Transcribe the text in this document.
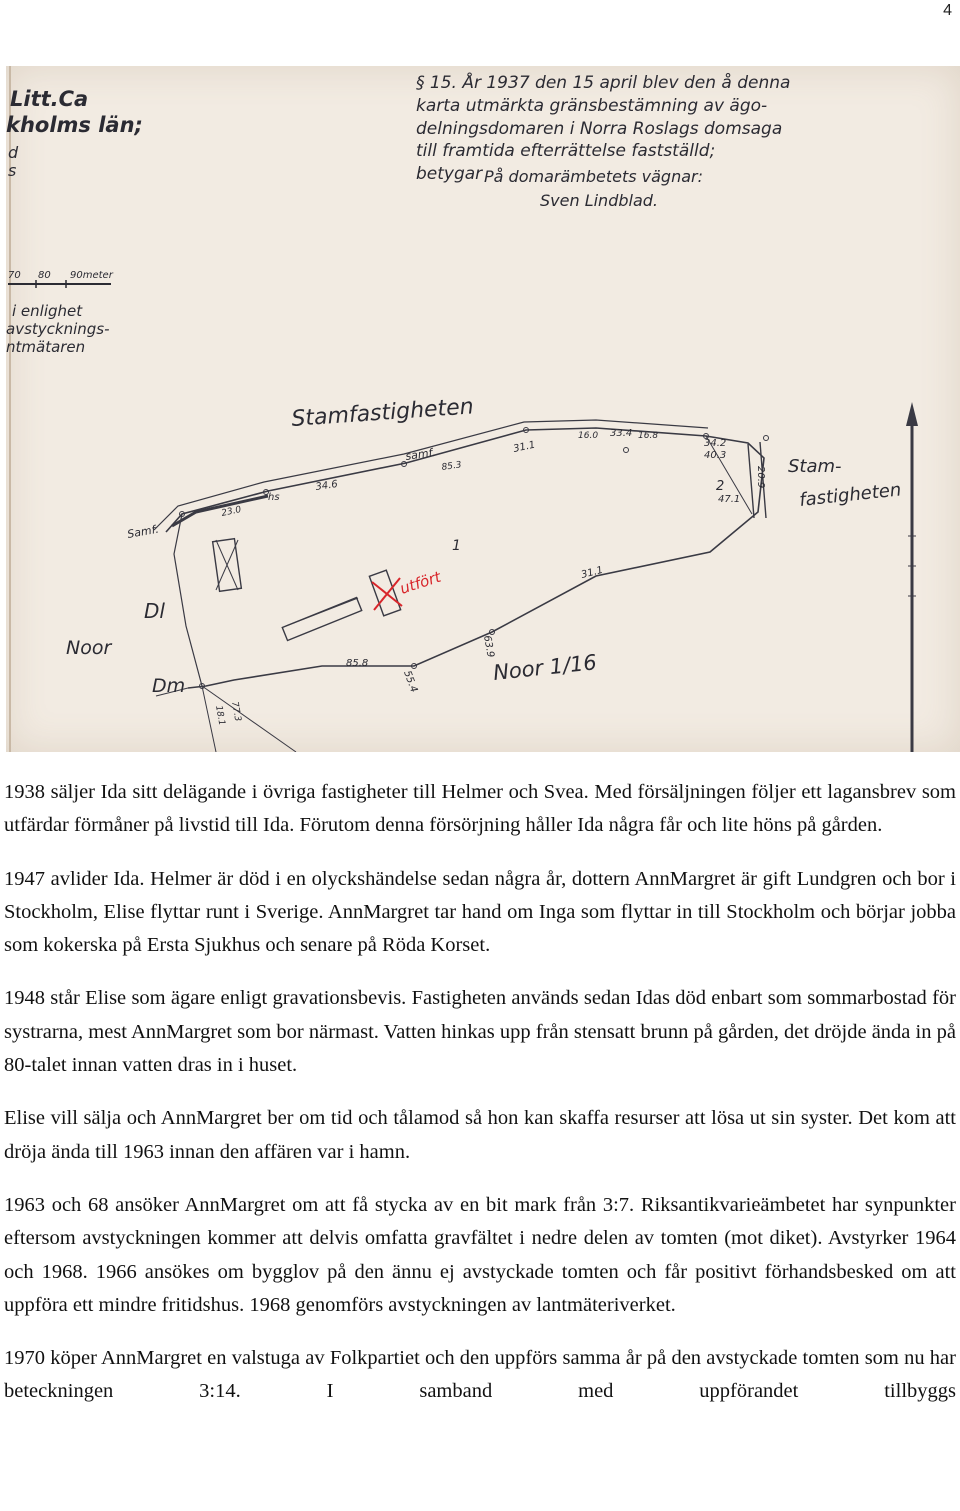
4
§ 15. År 1937 den 15 april blev den å denna
karta utmärkta gränsbestämning av ägo-
delningsdomaren i Norra Roslags domsaga
till framtida efterrättelse fastställd;
betygar På domarämbetets vägnar:
Sven Lindblad.
Litt.Ca
kholms län;
d
s
70 80 90meter
i enlighet
avstycknings-
ntmätaren
utfört
Stamfastigheten
Stam-
fastigheten
Dl
Noor
Dm
Noor 1/16
1
2
samf.
Samf.
hs
34.6
31.1
31.1
33.4
16.0	16.8
34.2
40.3
20.9
47.1
85.3
85.8
55.4
63.9
23.0
18.1 77.3

1938 säljer Ida sitt delägande i övriga fastigheter till Helmer och Svea. Med försäljningen följer ett lagansbrev som utfärdar förmåner på livstid till Ida. Förutom denna försörjning håller Ida några får och lite höns på gården.

1947 avlider Ida. Helmer är död i en olyckshändelse sedan några år, dottern AnnMargret är gift Lundgren och bor i Stockholm, Elise flyttar runt i Sverige. AnnMargret tar hand om Inga som flyttar in till Stockholm och börjar jobba som kokerska på Ersta Sjukhus och senare på Röda Korset.

1948 står Elise som ägare enligt gravationsbevis. Fastigheten används sedan Idas död enbart som sommarbostad för systrarna, mest AnnMargret som bor närmast. Vatten hinkas upp från stensatt brunn på gården, det dröjde ända in på 80-talet innan vatten dras in i huset.

Elise vill sälja och AnnMargret ber om tid och tålamod så hon kan skaffa resurser att lösa ut sin syster. Det kom att dröja ända till 1963 innan den affären var i hamn.

1963 och 68 ansöker AnnMargret om att få stycka av en bit mark från 3:7. Riksantikvarieämbetet har synpunkter eftersom avstyckningen kommer att delvis omfatta gravfältet i nedre delen av tomten (mot diket). Avstyrker 1964 och 1968. 1966 ansökes om bygglov på den ännu ej avstyckade tomten och får positivt förhandsbesked om att uppföra ett mindre fritidshus. 1968 genomförs avstyckningen av lantmäteriverket.

1970 köper AnnMargret en valstuga av Folkpartiet och den uppförs samma år på den avstyckade tomten som nu har beteckningen 3:14. I samband med uppförandet tillbyggs
